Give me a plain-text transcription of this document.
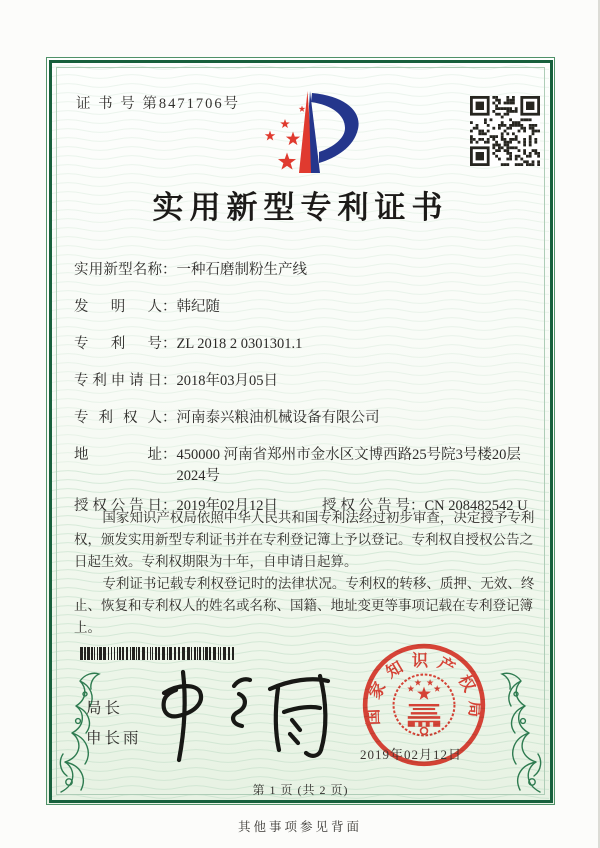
证 书 号 第8471706号
实用新型专利证书
实用新型名称 ： 一种石磨制粉生产线
发明人 ： 韩纪随
专利号 ： ZL 2018 2 0301301.1
专利申请日 ： 2018年03月05日
专利权人 ： 河南泰兴粮油机械设备有限公司
地址 ： 450000 河南省郑州市金水区文博西路25号院3号楼20层2024号
授权公告日 ： 2019年02月12日	授权公告号 ： CN 208482542 U

国家知识产权局依照中华人民共和国专利法经过初步审查，决定授予专利权，颁发实用新型专利证书并在专利登记簿上予以登记。专利权自授权公告之日起生效。专利权期限为十年，自申请日起算。

专利证书记载专利权登记时的法律状况。专利权的转移、质押、无效、终止、恢复和专利权人的姓名或名称、国籍、地址变更等事项记载在专利登记簿上。

局长
申长雨
国家知识产权局
2019年02月12日
第 1 页 (共 2 页)
其他事项参见背面
